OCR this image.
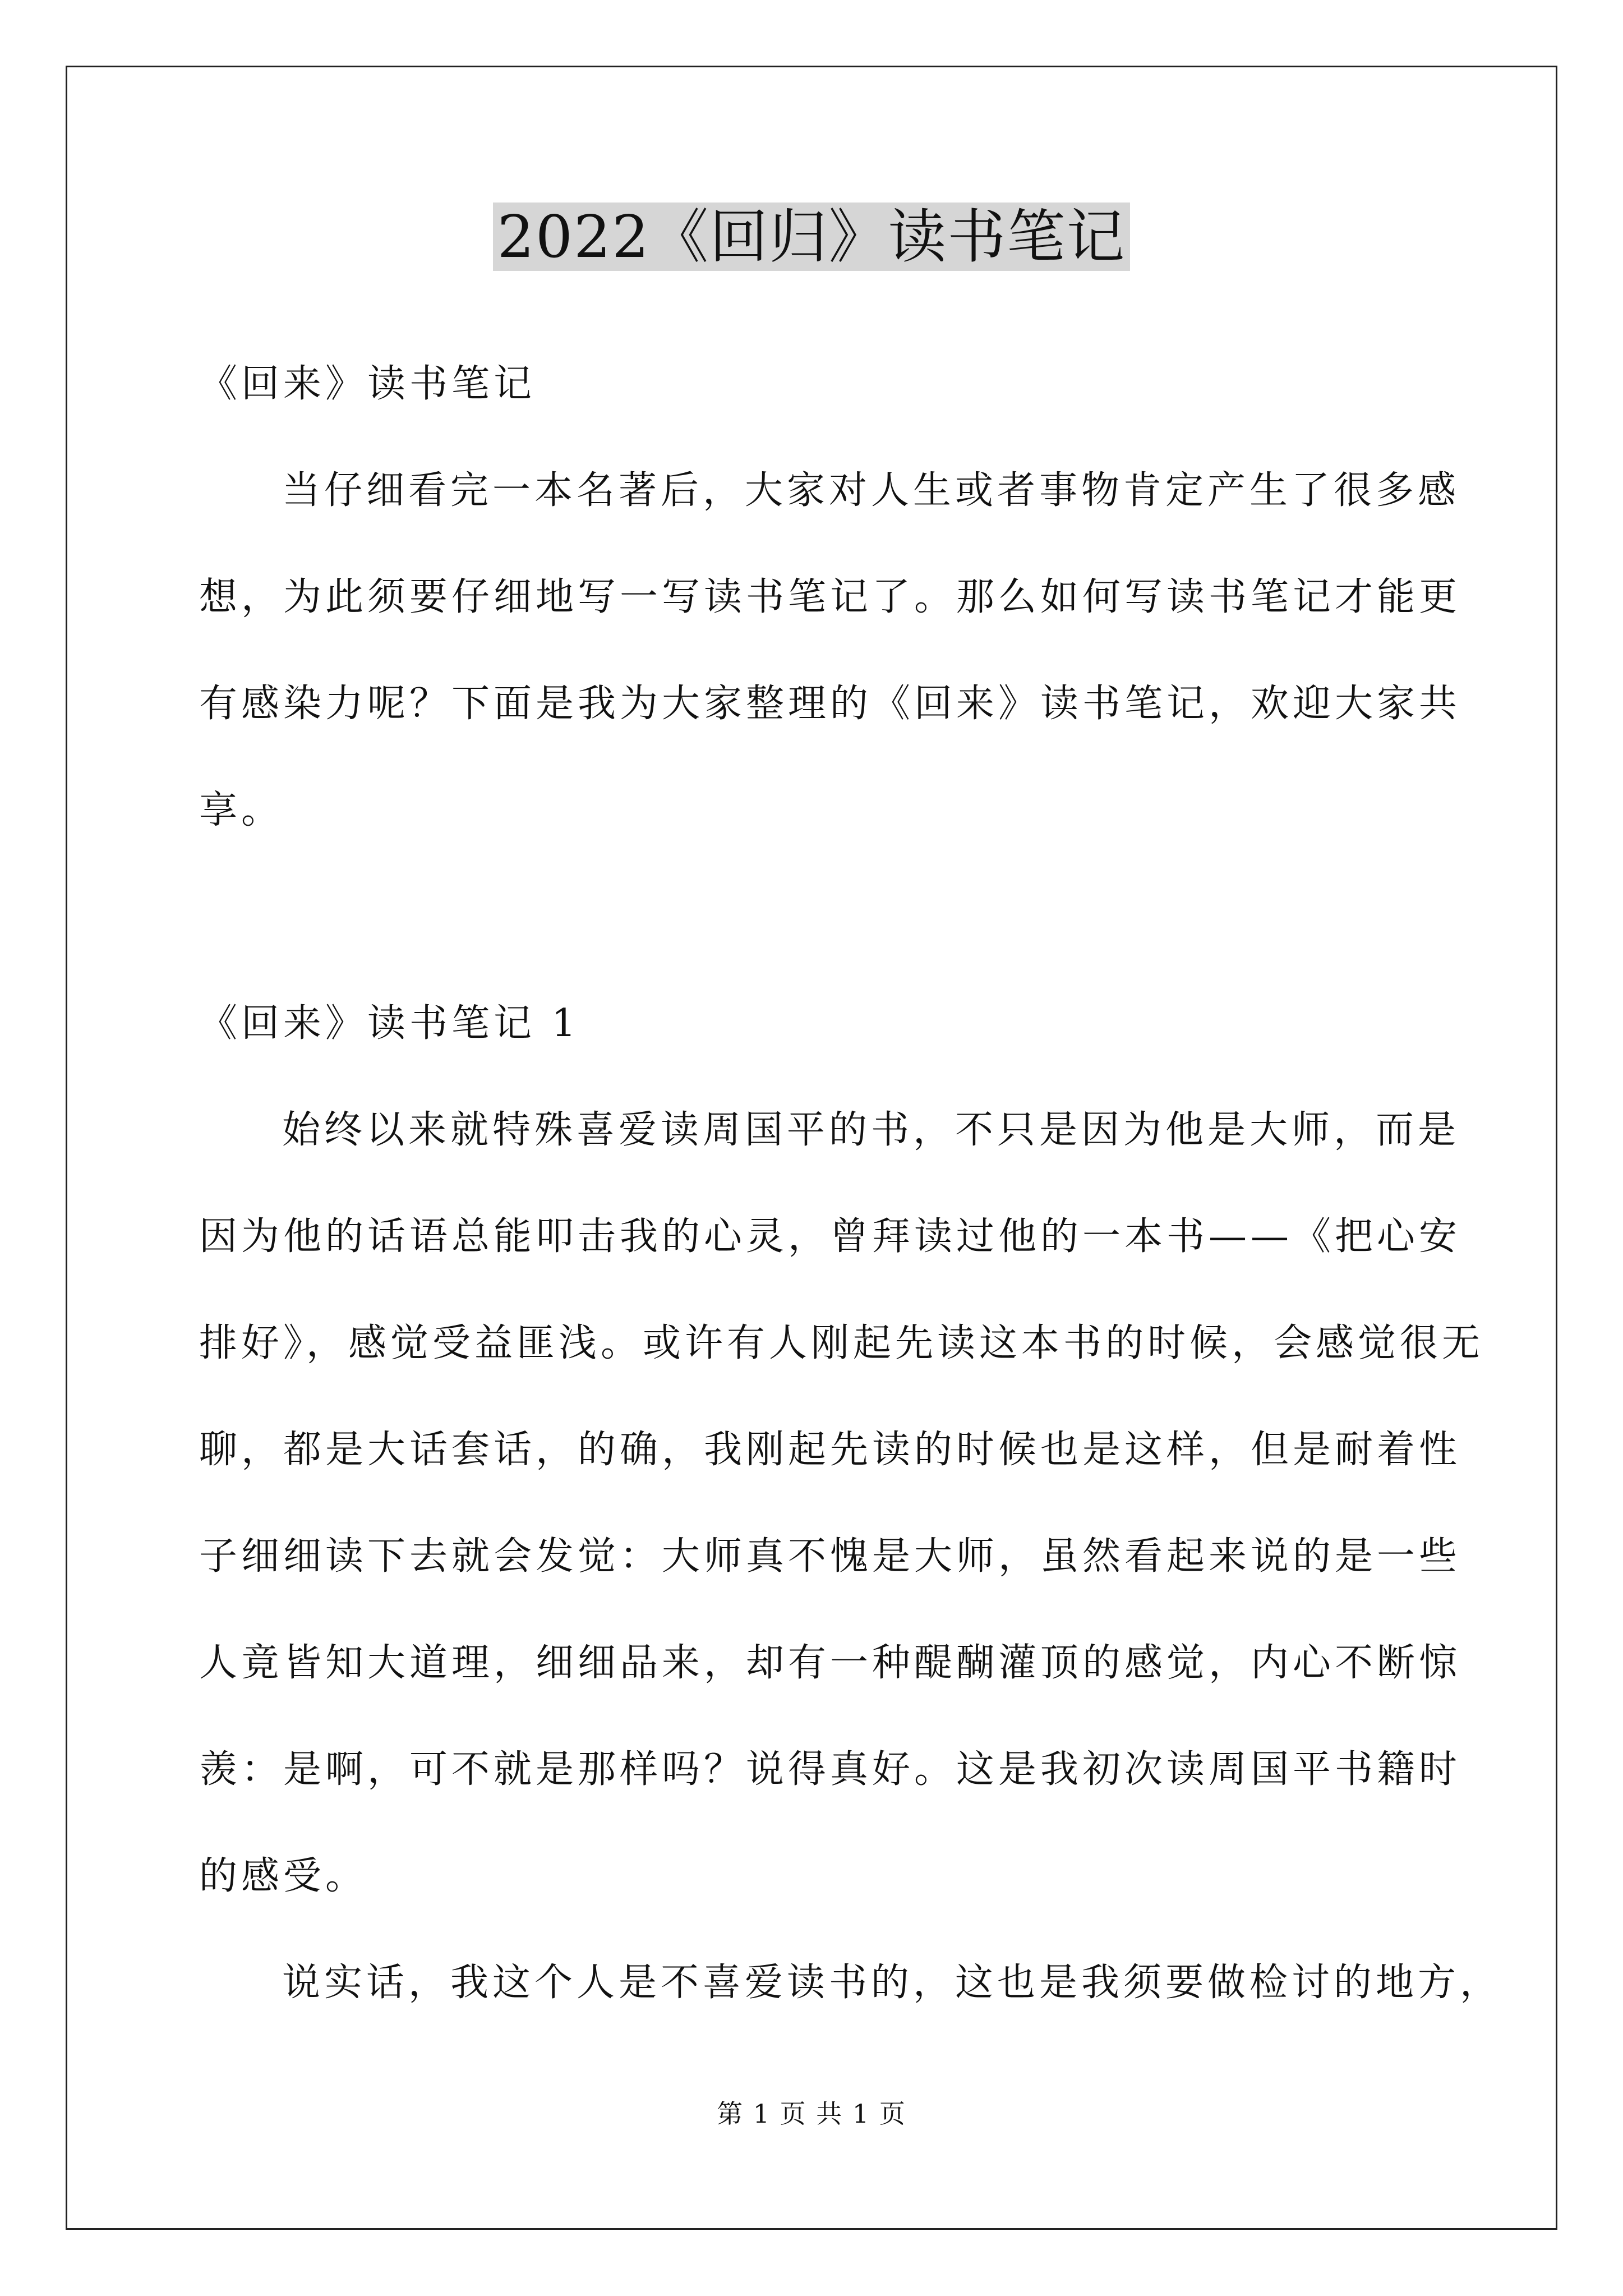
2022《回归》读书笔记
《回来》读书笔记
当仔细看完一本名著后，大家对人生或者事物肯定产生了很多感
想，为此须要仔细地写一写读书笔记了。那么如何写读书笔记才能更
有感染力呢？下面是我为大家整理的《回来》读书笔记，欢迎大家共
享。
《回来》读书笔记 1
始终以来就特殊喜爱读周国平的书，不只是因为他是大师，而是
因为他的话语总能叩击我的心灵，曾拜读过他的一本书——《把心安
排好》，感觉受益匪浅。或许有人刚起先读这本书的时候，会感觉很无
聊，都是大话套话，的确，我刚起先读的时候也是这样，但是耐着性
子细细读下去就会发觉：大师真不愧是大师，虽然看起来说的是一些
人竟皆知大道理，细细品来，却有一种醍醐灌顶的感觉，内心不断惊
羡：是啊，可不就是那样吗？说得真好。这是我初次读周国平书籍时
的感受。
说实话，我这个人是不喜爱读书的，这也是我须要做检讨的地方，
第 1 页 共 1 页
